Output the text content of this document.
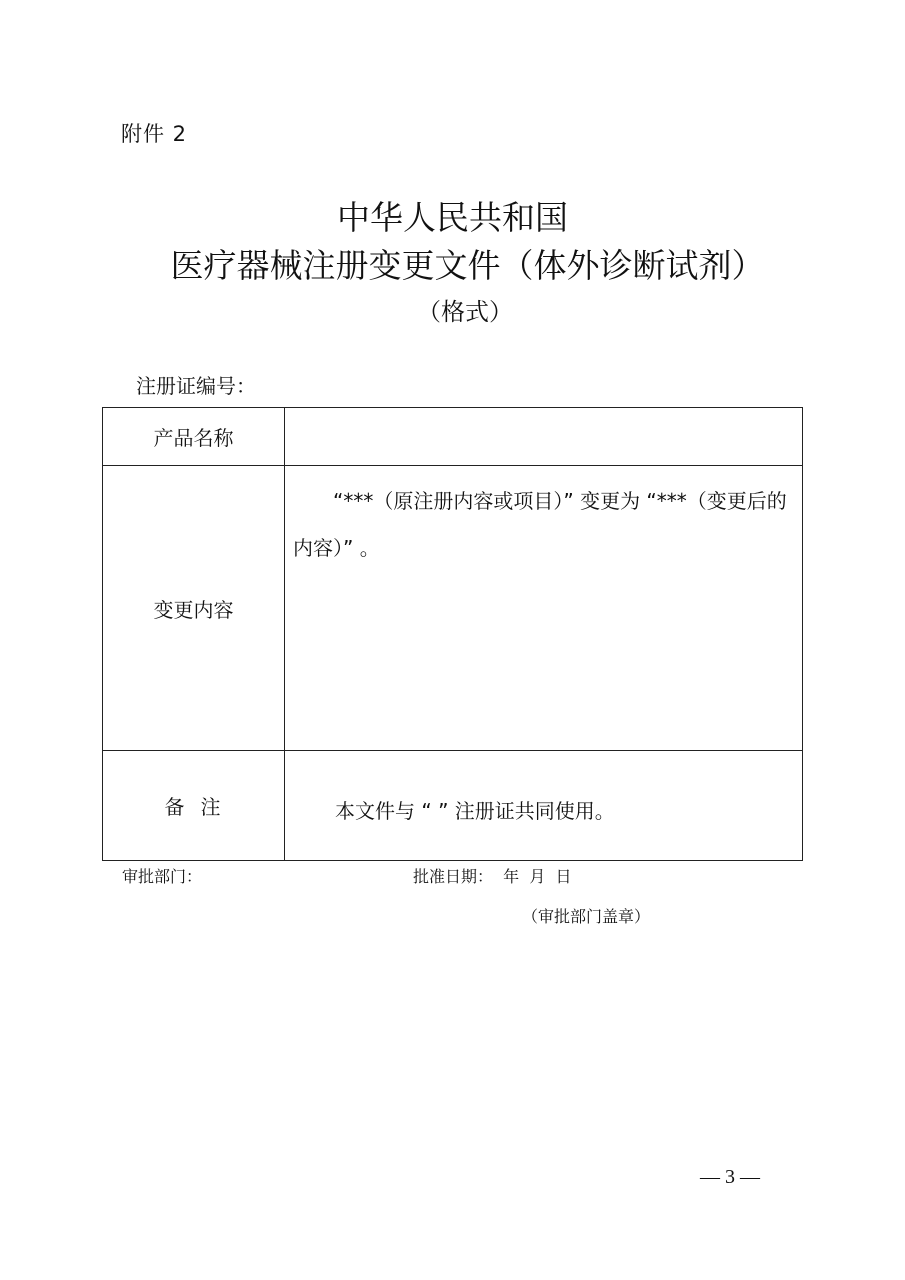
附件 2
中华人民共和国
医疗器械注册变更文件（体外诊断试剂）
（格式）
注册证编号：
产品名称	
变更内容	“***（原注册内容或项目）” 变更为 “***（变更后的内容）” 。

备注	本文件与 “ ” 注册证共同使用。
审批部门：	批准日期：  年  月  日
（审批部门盖章）
— 3 —
